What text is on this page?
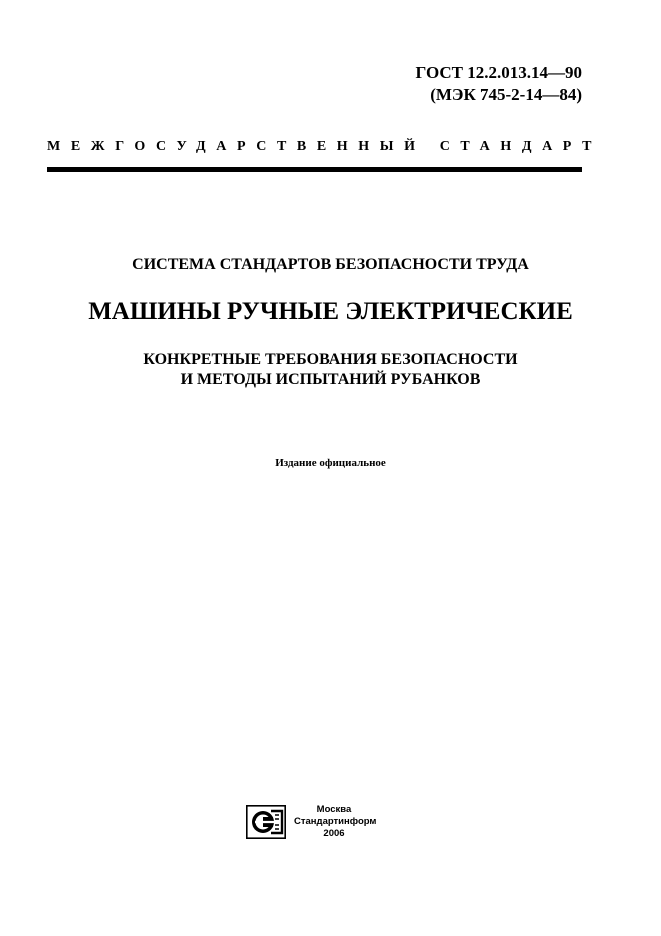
ГОСТ 12.2.013.14—90
(МЭК 745-2-14—84)
МЕЖГОСУДАРСТВЕННЫЙ СТАНДАРТ
СИСТЕМА СТАНДАРТОВ БЕЗОПАСНОСТИ ТРУДА
МАШИНЫ РУЧНЫЕ ЭЛЕКТРИЧЕСКИЕ
КОНКРЕТНЫЕ ТРЕБОВАНИЯ БЕЗОПАСНОСТИ
И МЕТОДЫ ИСПЫТАНИЙ РУБАНКОВ
Издание официальное
Москва
Стандартинформ
2006
